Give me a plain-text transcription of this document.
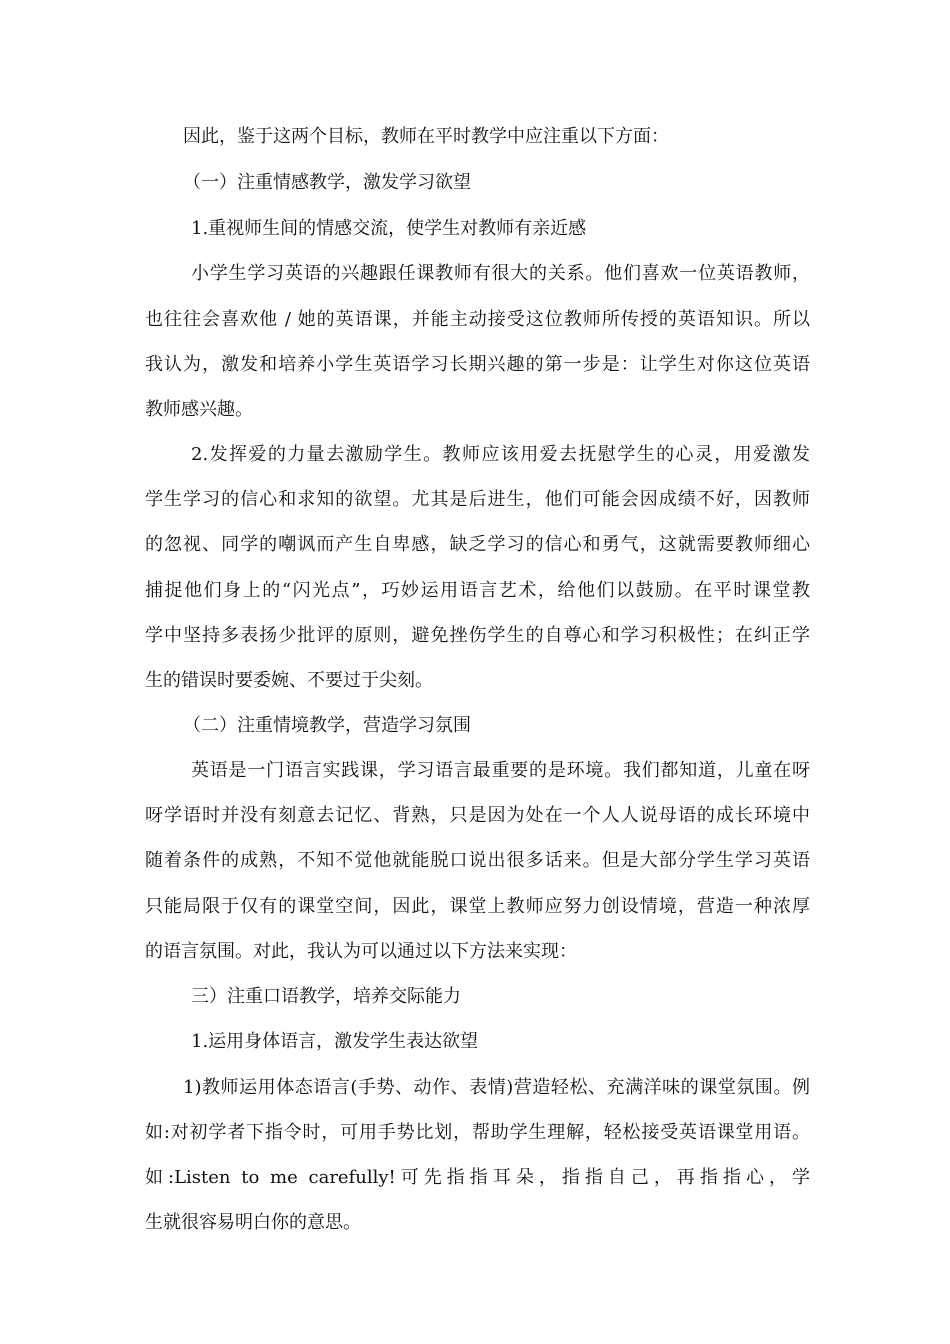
因此，鉴于这两个目标，教师在平时教学中应注重以下方面：
（一）注重情感教学，激发学习欲望
1.重视师生间的情感交流，使学生对教师有亲近感
小学生学习英语的兴趣跟任课教师有很大的关系。他们喜欢一位英语教师，
也往往会喜欢他 / 她的英语课，并能主动接受这位教师所传授的英语知识。所以
我认为，激发和培养小学生英语学习长期兴趣的第一步是：让学生对你这位英语
教师感兴趣。
2.发挥爱的力量去激励学生。教师应该用爱去抚慰学生的心灵，用爱激发
学生学习的信心和求知的欲望。尤其是后进生，他们可能会因成绩不好，因教师
的忽视、同学的嘲讽而产生自卑感，缺乏学习的信心和勇气，这就需要教师细心
捕捉他们身上的“闪光点”，巧妙运用语言艺术，给他们以鼓励。在平时课堂教
学中坚持多表扬少批评的原则，避免挫伤学生的自尊心和学习积极性；在纠正学
生的错误时要委婉、不要过于尖刻。
（二）注重情境教学，营造学习氛围
英语是一门语言实践课，学习语言最重要的是环境。我们都知道，儿童在呀
呀学语时并没有刻意去记忆、背熟，只是因为处在一个人人说母语的成长环境中
随着条件的成熟，不知不觉他就能脱口说出很多话来。但是大部分学生学习英语
只能局限于仅有的课堂空间，因此，课堂上教师应努力创设情境，营造一种浓厚
的语言氛围。对此，我认为可以通过以下方法来实现：
三）注重口语教学，培养交际能力
1.运用身体语言，激发学生表达欲望
1)教师运用体态语言(手势、动作、表情)营造轻松、充满洋味的课堂氛围。例
如:对初学者下指令时，可用手势比划，帮助学生理解，轻松接受英语课堂用语。
如:Listen to me carefully!可先指指耳朵，指指自己，再指指心，学
生就很容易明白你的意思。
